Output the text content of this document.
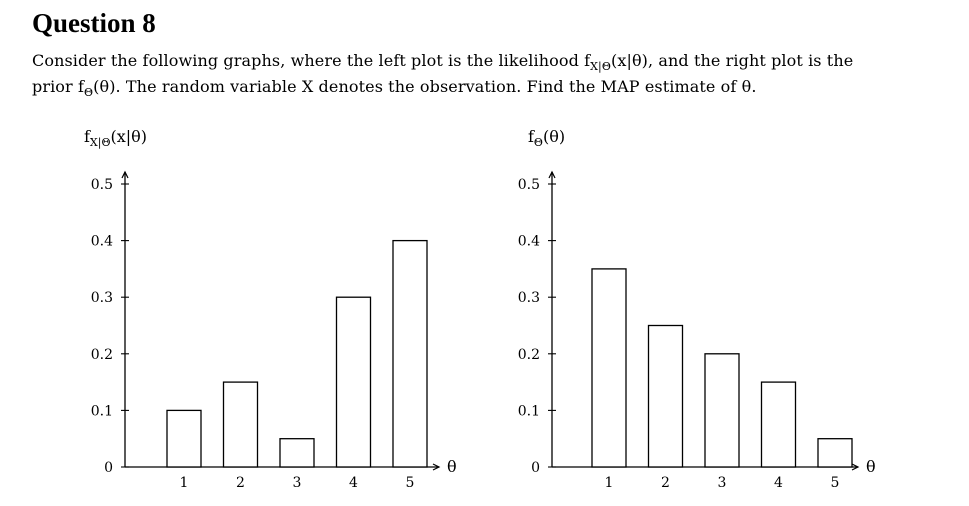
Question 8

Consider the following graphs, where the left plot is the likelihood $f_{X|\Theta}(x|\theta)$, and the right plot is the
prior $f_\Theta(\theta)$. The random variable X denotes the observation. Find the MAP estimate of θ.

0
0.1
0.2
0.3
0.4
0.5
1	2	3	4	5
θ
$f_{X|\Theta}(x|\theta)$
0
0.1
0.2
0.3
0.4
0.5
1	2	3	4	5
θ
$f_\Theta(\theta)$
